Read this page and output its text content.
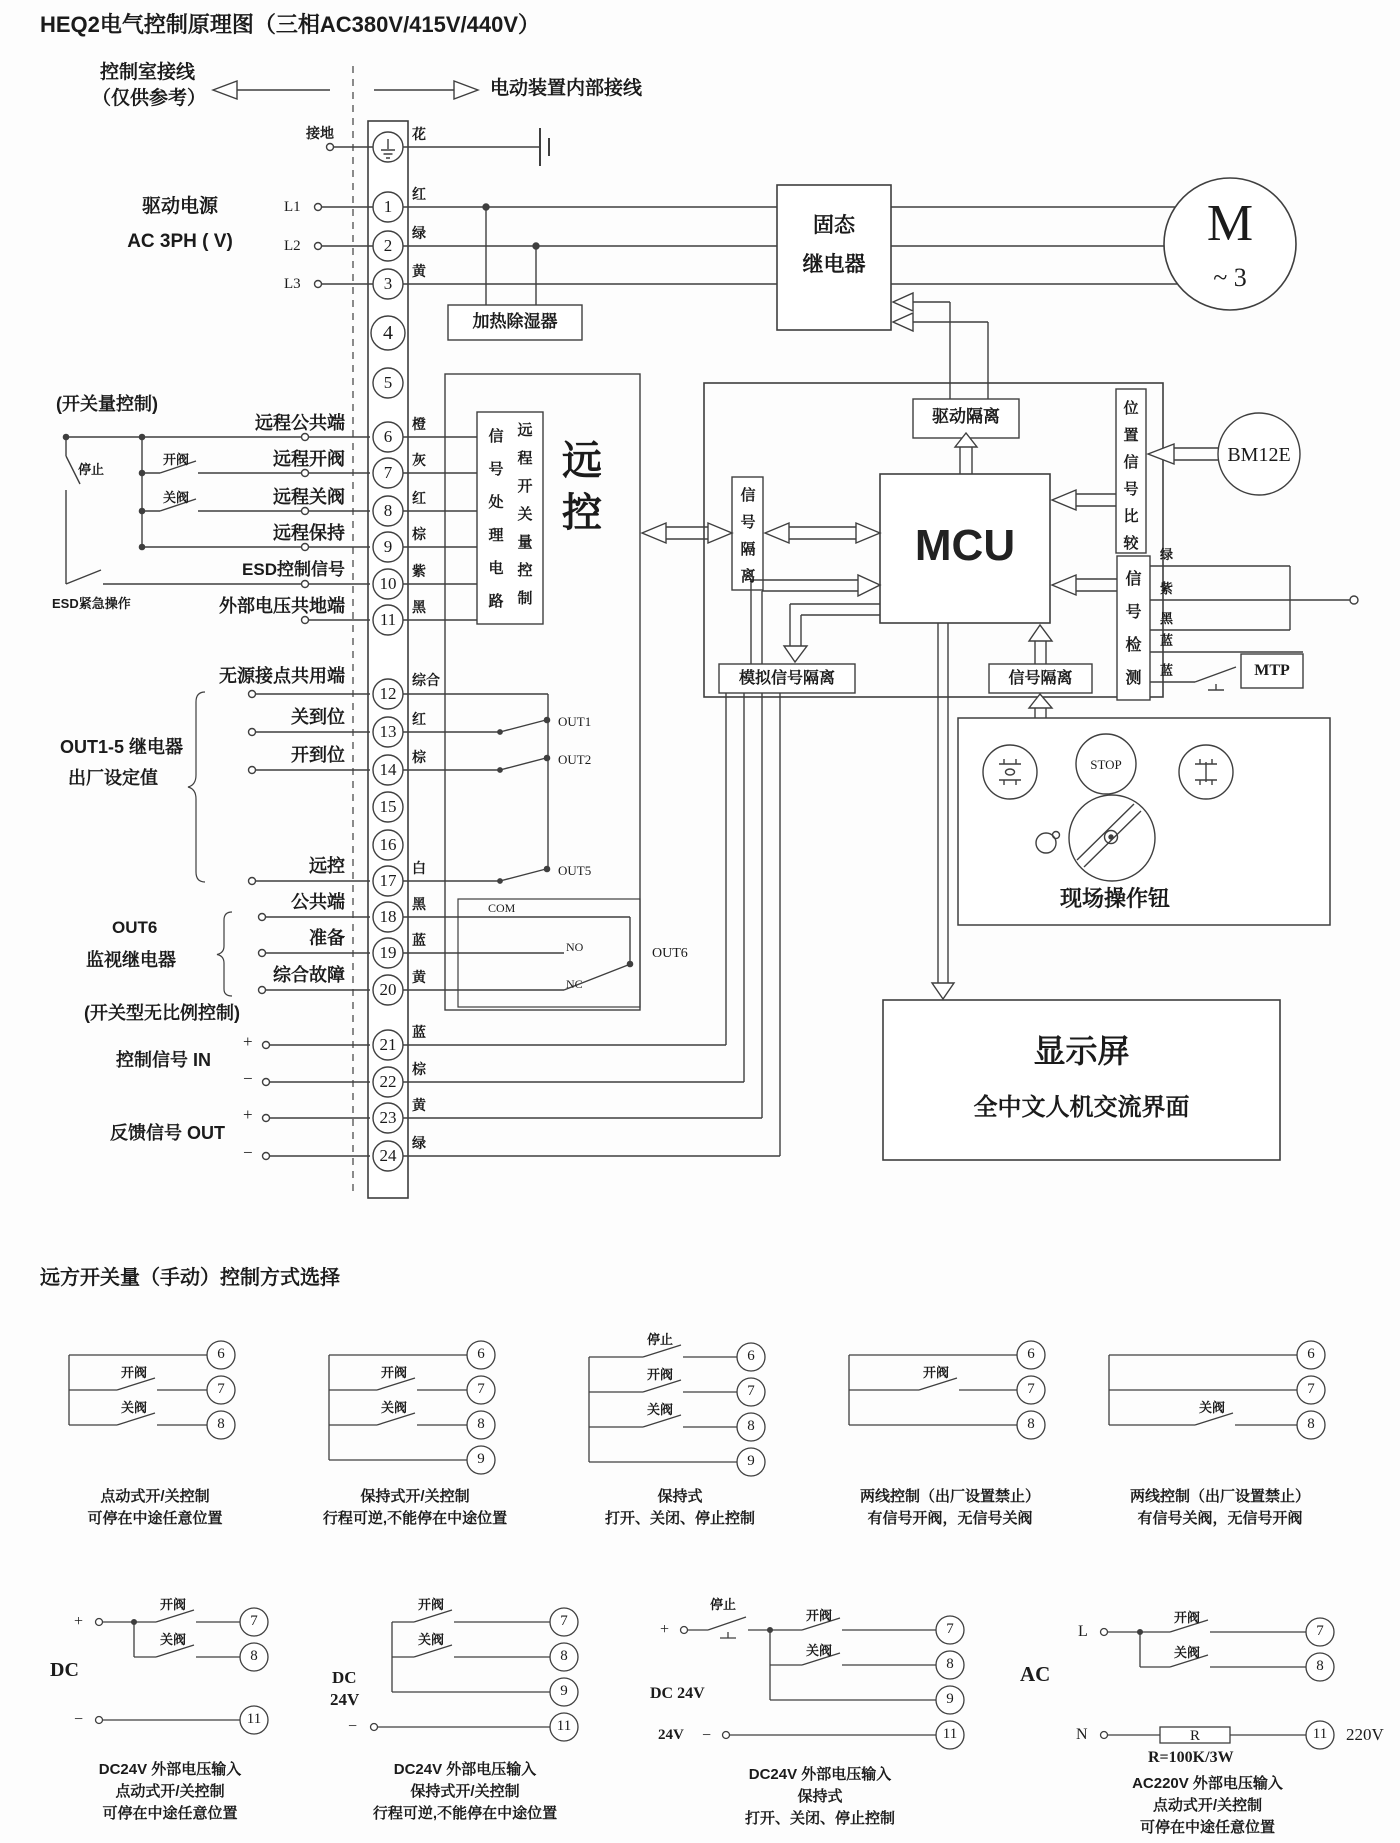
HEQ2电气控制原理图（三相AC380V/415V/440V）
控制室接线
（仅供参考）	电动装置内部接线
1
2
3
4
5
6
7
8
9
10
11
12
13
14
15
16
17
18
19
20
21
22
23
24
花
红
绿
黄
橙
灰
红
棕
紫
黑
综合
红
棕
白
黑
蓝
黄
蓝
棕
黄
绿
接地
L1
L2
L3
驱动电源
AC 3PH ( V)
(开关量控制)
远程公共端
远程开阀
远程关阀
远程保持
ESD控制信号
外部电压共地端
开阀
关阀
停止
ESD紧急操作
无源接点共用端
关到位
开到位
OUT1-5 继电器
出厂设定值
远控
公共端
准备
综合故障
OUT6
监视继电器
(开关型无比例控制)
控制信号 IN
+
−
反馈信号 OUT
+
−
OUT1
OUT2
OUT5
COM
NO
NC
OUT6
加热除湿器
固态
继电器
M
~ 3
驱动隔离
信号隔离
MCU
模拟信号隔离	信号隔离
位置信号比较
信号检测
BM12E
MTP
远控
信号处理电路
远程开关量控制
STOP
现场操作钮
显示屏
全中文人机交流界面
绿
紫
黑
蓝
蓝
远方开关量（手动）控制方式选择
6
7
8
开阀
关阀
点动式开/关控制
可停在中途任意位置
6
7
8
9
开阀
关阀
保持式开/关控制
行程可逆,不能停在中途位置
6
7
8
9
停止
开阀
关阀
保持式
打开、关闭、停止控制
6
7
8
开阀
两线控制（出厂设置禁止）
有信号开阀，无信号关阀
6
7
8
关阀
两线控制（出厂设置禁止）
有信号关阀，无信号开阀
+
−
DC
开阀
关阀
7
8
11
DC24V 外部电压输入
点动式开/关控制
可停在中途任意位置
DC
24V
−
开阀
关阀
7
8
9
11
DC24V 外部电压输入
保持式开/关控制
行程可逆,不能停在中途位置
+
停止
开阀
关阀
DC 24V
24V −
7
8
9
11
DC24V 外部电压输入
保持式
打开、关闭、停止控制
AC
L
N	R
R=100K/3W
220V
开阀
关阀
7
8
11
AC220V 外部电压输入
点动式开/关控制
可停在中途任意位置
